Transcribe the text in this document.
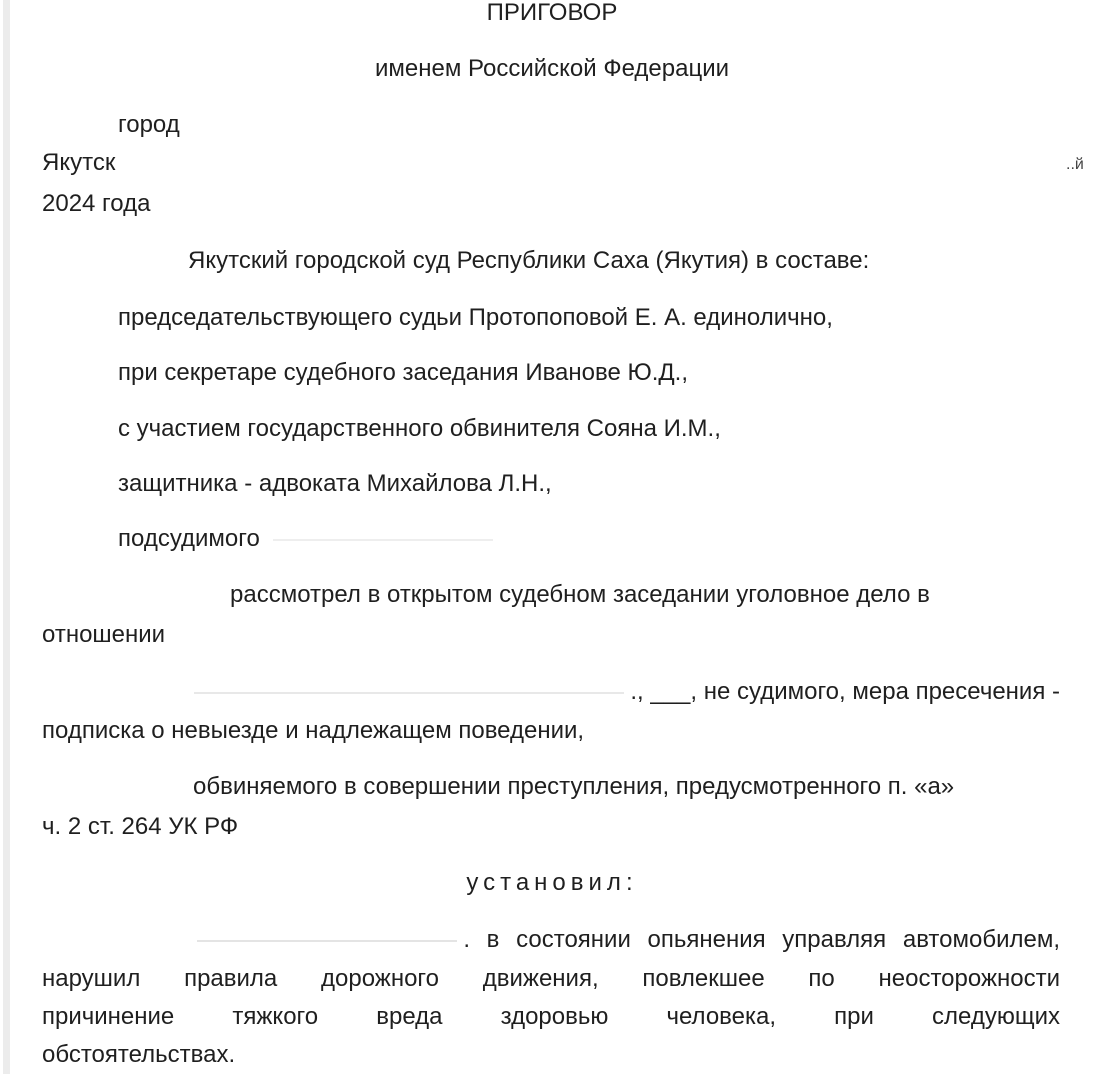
ПРИГОВОР
именем Российской Федерации
город
Якутск	..й
2024 года
Якутский городской суд Республики Саха (Якутия) в составе:
председательствующего судьи Протопоповой Е. А. единолично,
при секретаре судебного заседания Иванове Ю.Д.,
с участием государственного обвинителя Сояна И.М.,
защитника - адвоката Михайлова Л.Н.,
подсудимого
рассмотрел в открытом судебном заседании уголовное дело в
отношении
., ___, не судимого, мера пресечения -
подписка о невыезде и надлежащем поведении,
обвиняемого в совершении преступления, предусмотренного п. «а»
ч. 2 ст. 264 УК РФ
установил:
. в состоянии опьянения управляя автомобилем,
нарушил правила дорожного движения, повлекшее по неосторожности
причинение тяжкого вреда здоровью человека, при следующих
обстоятельствах.
